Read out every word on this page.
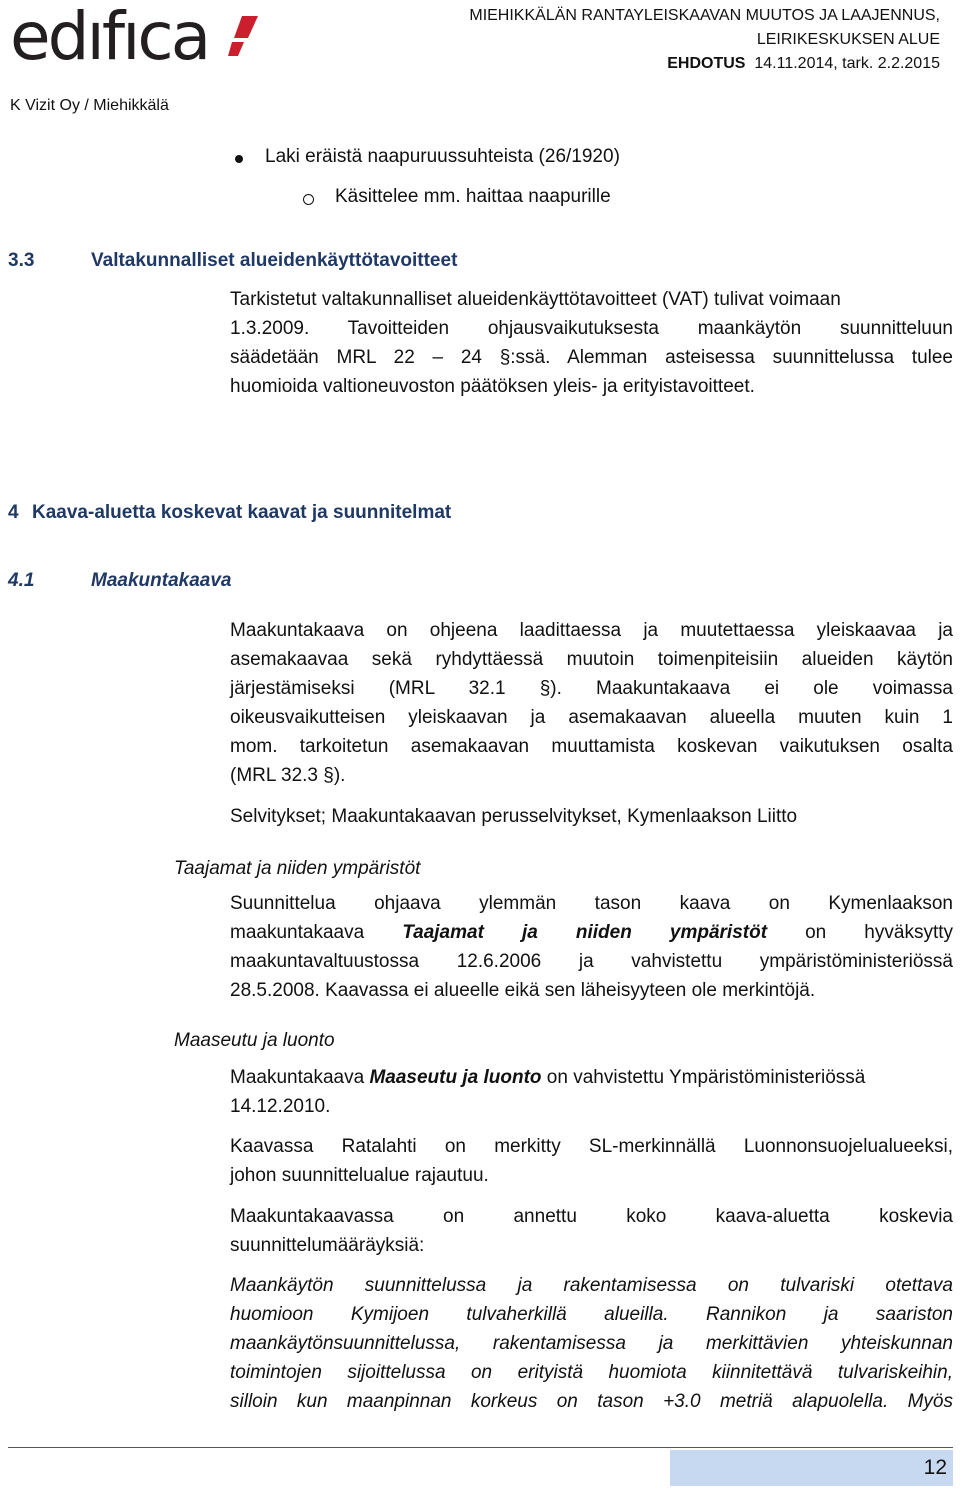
edıfıca
K Vizit Oy / Miehikkälä
MIEHIKKÄLÄN RANTAYLEISKAAVAN MUUTOS JA LAAJENNUS,
LEIRIKESKUKSEN ALUE
EHDOTUS 14.11.2014, tark. 2.2.2015
Laki eräistä naapuruussuhteista (26/1920)
Käsittelee mm. haittaa naapurille
3.3	Valtakunnalliset alueidenkäyttötavoitteet
Tarkistetut valtakunnalliset alueidenkäyttötavoitteet (VAT) tulivat voimaan
1.3.2009. Tavoitteiden ohjausvaikutuksesta maankäytön suunnitteluun
säädetään MRL 22 – 24 §:ssä. Alemman asteisessa suunnittelussa tulee
huomioida valtioneuvoston päätöksen yleis- ja erityistavoitteet.
4 Kaava-aluetta koskevat kaavat ja suunnitelmat
4.1	Maakuntakaava
Maakuntakaava on ohjeena laadittaessa ja muutettaessa yleiskaavaa ja
asemakaavaa sekä ryhdyttäessä muutoin toimenpiteisiin alueiden käytön
järjestämiseksi (MRL 32.1 §). Maakuntakaava ei ole voimassa
oikeusvaikutteisen yleiskaavan ja asemakaavan alueella muuten kuin 1
mom. tarkoitetun asemakaavan muuttamista koskevan vaikutuksen osalta
(MRL 32.3 §).
Selvitykset; Maakuntakaavan perusselvitykset, Kymenlaakson Liitto
Taajamat ja niiden ympäristöt
Suunnittelua ohjaava ylemmän tason kaava on Kymenlaakson
maakuntakaava Taajamat ja niiden ympäristöt on hyväksytty
maakuntavaltuustossa 12.6.2006 ja vahvistettu ympäristöministeriössä
28.5.2008. Kaavassa ei alueelle eikä sen läheisyyteen ole merkintöjä.
Maaseutu ja luonto
Maakuntakaava Maaseutu ja luonto on vahvistettu Ympäristöministeriössä
14.12.2010.
Kaavassa Ratalahti on merkitty SL-merkinnällä Luonnonsuojelualueeksi,
johon suunnittelualue rajautuu.
Maakuntakaavassa on annettu koko kaava-aluetta koskevia
suunnittelumääräyksiä:
Maankäytön suunnittelussa ja rakentamisessa on tulvariski otettava
huomioon Kymijoen tulvaherkillä alueilla. Rannikon ja saariston
maankäytönsuunnittelussa, rakentamisessa ja merkittävien yhteiskunnan
toimintojen sijoittelussa on erityistä huomiota kiinnitettävä tulvariskeihin,
silloin kun maanpinnan korkeus on tason +3.0 metriä alapuolella. Myös
12
